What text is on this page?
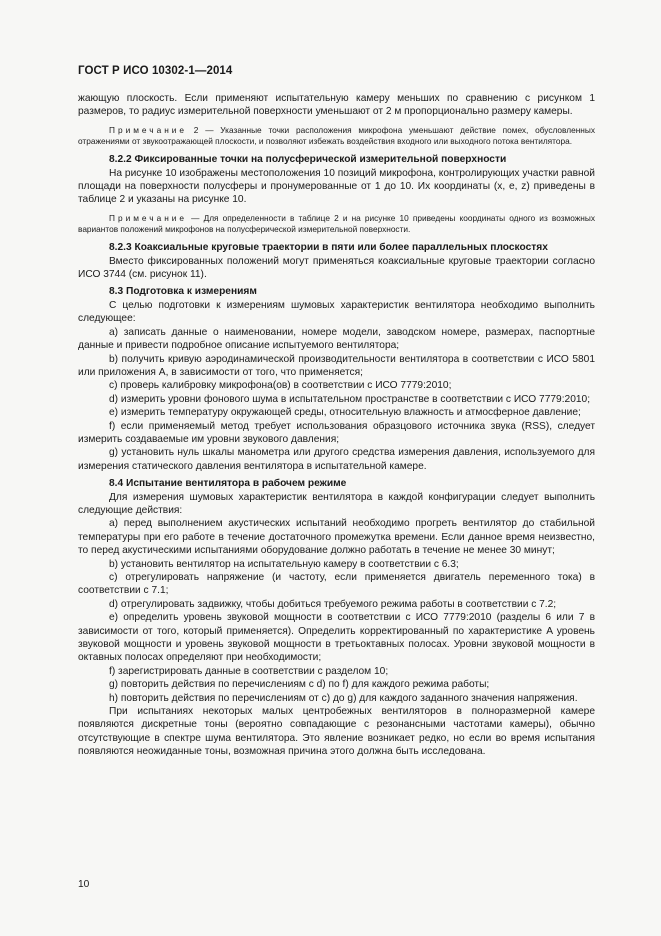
ГОСТ Р ИСО 10302-1—2014

жающую плоскость. Если применяют испытательную камеру меньших по сравнению с рисунком 1 размеров, то радиус измерительной поверхности уменьшают от 2 м пропорционально размеру камеры.

Примечание 2 — Указанные точки расположения микрофона уменьшают действие помех, обусловленных отражениями от звукоотражающей плоскости, и позволяют избежать воздействия входного или выходного потока вентилятора.

8.2.2 Фиксированные точки на полусферической измерительной поверхности

На рисунке 10 изображены местоположения 10 позиций микрофона, контролирующих участки равной площади на поверхности полусферы и пронумерованные от 1 до 10. Их координаты (x, e, z) приведены в таблице 2 и указаны на рисунке 10.

Примечание — Для определенности в таблице 2 и на рисунке 10 приведены координаты одного из возможных вариантов положений микрофонов на полусферической измерительной поверхности.

8.2.3 Коаксиальные круговые траектории в пяти или более параллельных плоскостях

Вместо фиксированных положений могут применяться коаксиальные круговые траектории согласно ИСО 3744 (см. рисунок 11).

8.3 Подготовка к измерениям

С целью подготовки к измерениям шумовых характеристик вентилятора необходимо выполнить следующее:

a) записать данные о наименовании, номере модели, заводском номере, размерах, паспортные данные и привести подробное описание испытуемого вентилятора;

b) получить кривую аэродинамической производительности вентилятора в соответствии с ИСО 5801 или приложения А, в зависимости от того, что применяется;

c) проверь калибровку микрофона(ов) в соответствии с ИСО 7779:2010;

d) измерить уровни фонового шума в испытательном пространстве в соответствии с ИСО 7779:2010;

e) измерить температуру окружающей среды, относительную влажность и атмосферное давление;

f) если применяемый метод требует использования образцового источника звука (RSS), следует измерить создаваемые им уровни звукового давления;

g) установить нуль шкалы манометра или другого средства измерения давления, используемого для измерения статического давления вентилятора в испытательной камере.

8.4 Испытание вентилятора в рабочем режиме

Для измерения шумовых характеристик вентилятора в каждой конфигурации следует выполнить следующие действия:

a) перед выполнением акустических испытаний необходимо прогреть вентилятор до стабильной температуры при его работе в течение достаточного промежутка времени. Если данное время неизвестно, то перед акустическими испытаниями оборудование должно работать в течение не менее 30 минут;

b) установить вентилятор на испытательную камеру в соответствии с 6.3;

c) отрегулировать напряжение (и частоту, если применяется двигатель переменного тока) в соответствии с 7.1;

d) отрегулировать задвижку, чтобы добиться требуемого режима работы в соответствии с 7.2;

e) определить уровень звуковой мощности в соответствии с ИСО 7779:2010 (разделы 6 или 7 в зависимости от того, который применяется). Определить корректированный по характеристике A уровень звуковой мощности и уровень звуковой мощности в третьоктавных полосах. Уровни звуковой мощности в октавных полосах определяют при необходимости;

f) зарегистрировать данные в соответствии с разделом 10;

g) повторить действия по перечислениям с d) по f) для каждого режима работы;

h) повторить действия по перечислениям от с) до g) для каждого заданного значения напряжения.

При испытаниях некоторых малых центробежных вентиляторов в полноразмерной камере появляются дискретные тоны (вероятно совпадающие с резонансными частотами камеры), обычно отсутствующие в спектре шума вентилятора. Это явление возникает редко, но если во время испытания появляются неожиданные тоны, возможная причина этого должна быть исследована.

10
